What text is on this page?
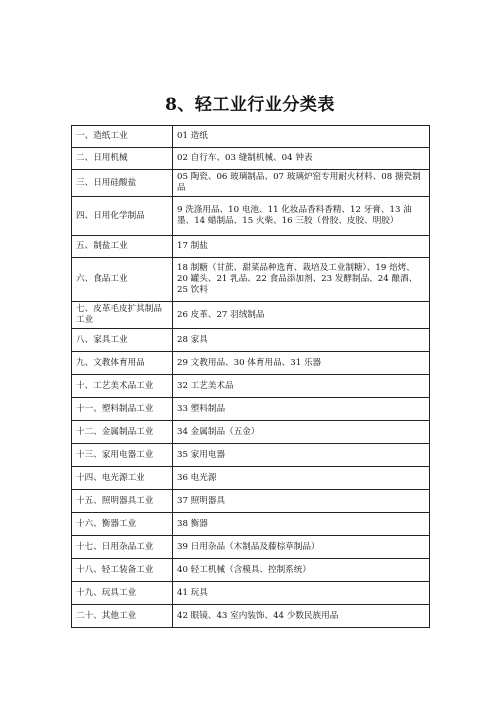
8、轻工业行业分类表
一、造纸工业	01 造纸
二、日用机械	02 自行车、03 缝制机械、04 钟表
三、日用硅酸盐	05 陶瓷、06 玻璃制品、07 玻璃炉窑专用耐火材料、08 搪瓷制品
四、日用化学制品	9 洗涤用品、10 电池、11 化妆品香料香精、12 牙膏、13 油墨、14 蜡制品、15 火柴、16 三胶（骨胶、皮胶、明胶）
五、制盐工业	17 制盐
六、食品工业	18 制糖（甘蔗、甜菜品种选育、栽培及工业制糖）、19 焙烤、20 罐头、21 乳品、22 食品添加剂、23 发酵制品、24 酿酒、25 饮料
七、皮革毛皮扩其制品工业	26 皮革、27 羽绒制品
八、家具工业	28 家具
九、文教体育用品	29 文教用品、30 体育用品、31 乐器
十、工艺美术品工业	32 工艺美术品
十一、塑料制品工业	33 塑料制品
十二、金属制品工业	34 金属制品（五金）
十三、家用电器工业	35 家用电器
十四、电光源工业	36 电光源
十五、照明器具工业	37 照明器具
十六、衡器工业	38 衡器
十七、日用杂品工业	39 日用杂品（木制品及藤棕草制品）
十八、轻工装备工业	40 轻工机械（含模具、控制系统）
十九、玩具工业	41 玩具
二十、其他工业	42 眼镜、43 室内装饰、44 少数民族用品
